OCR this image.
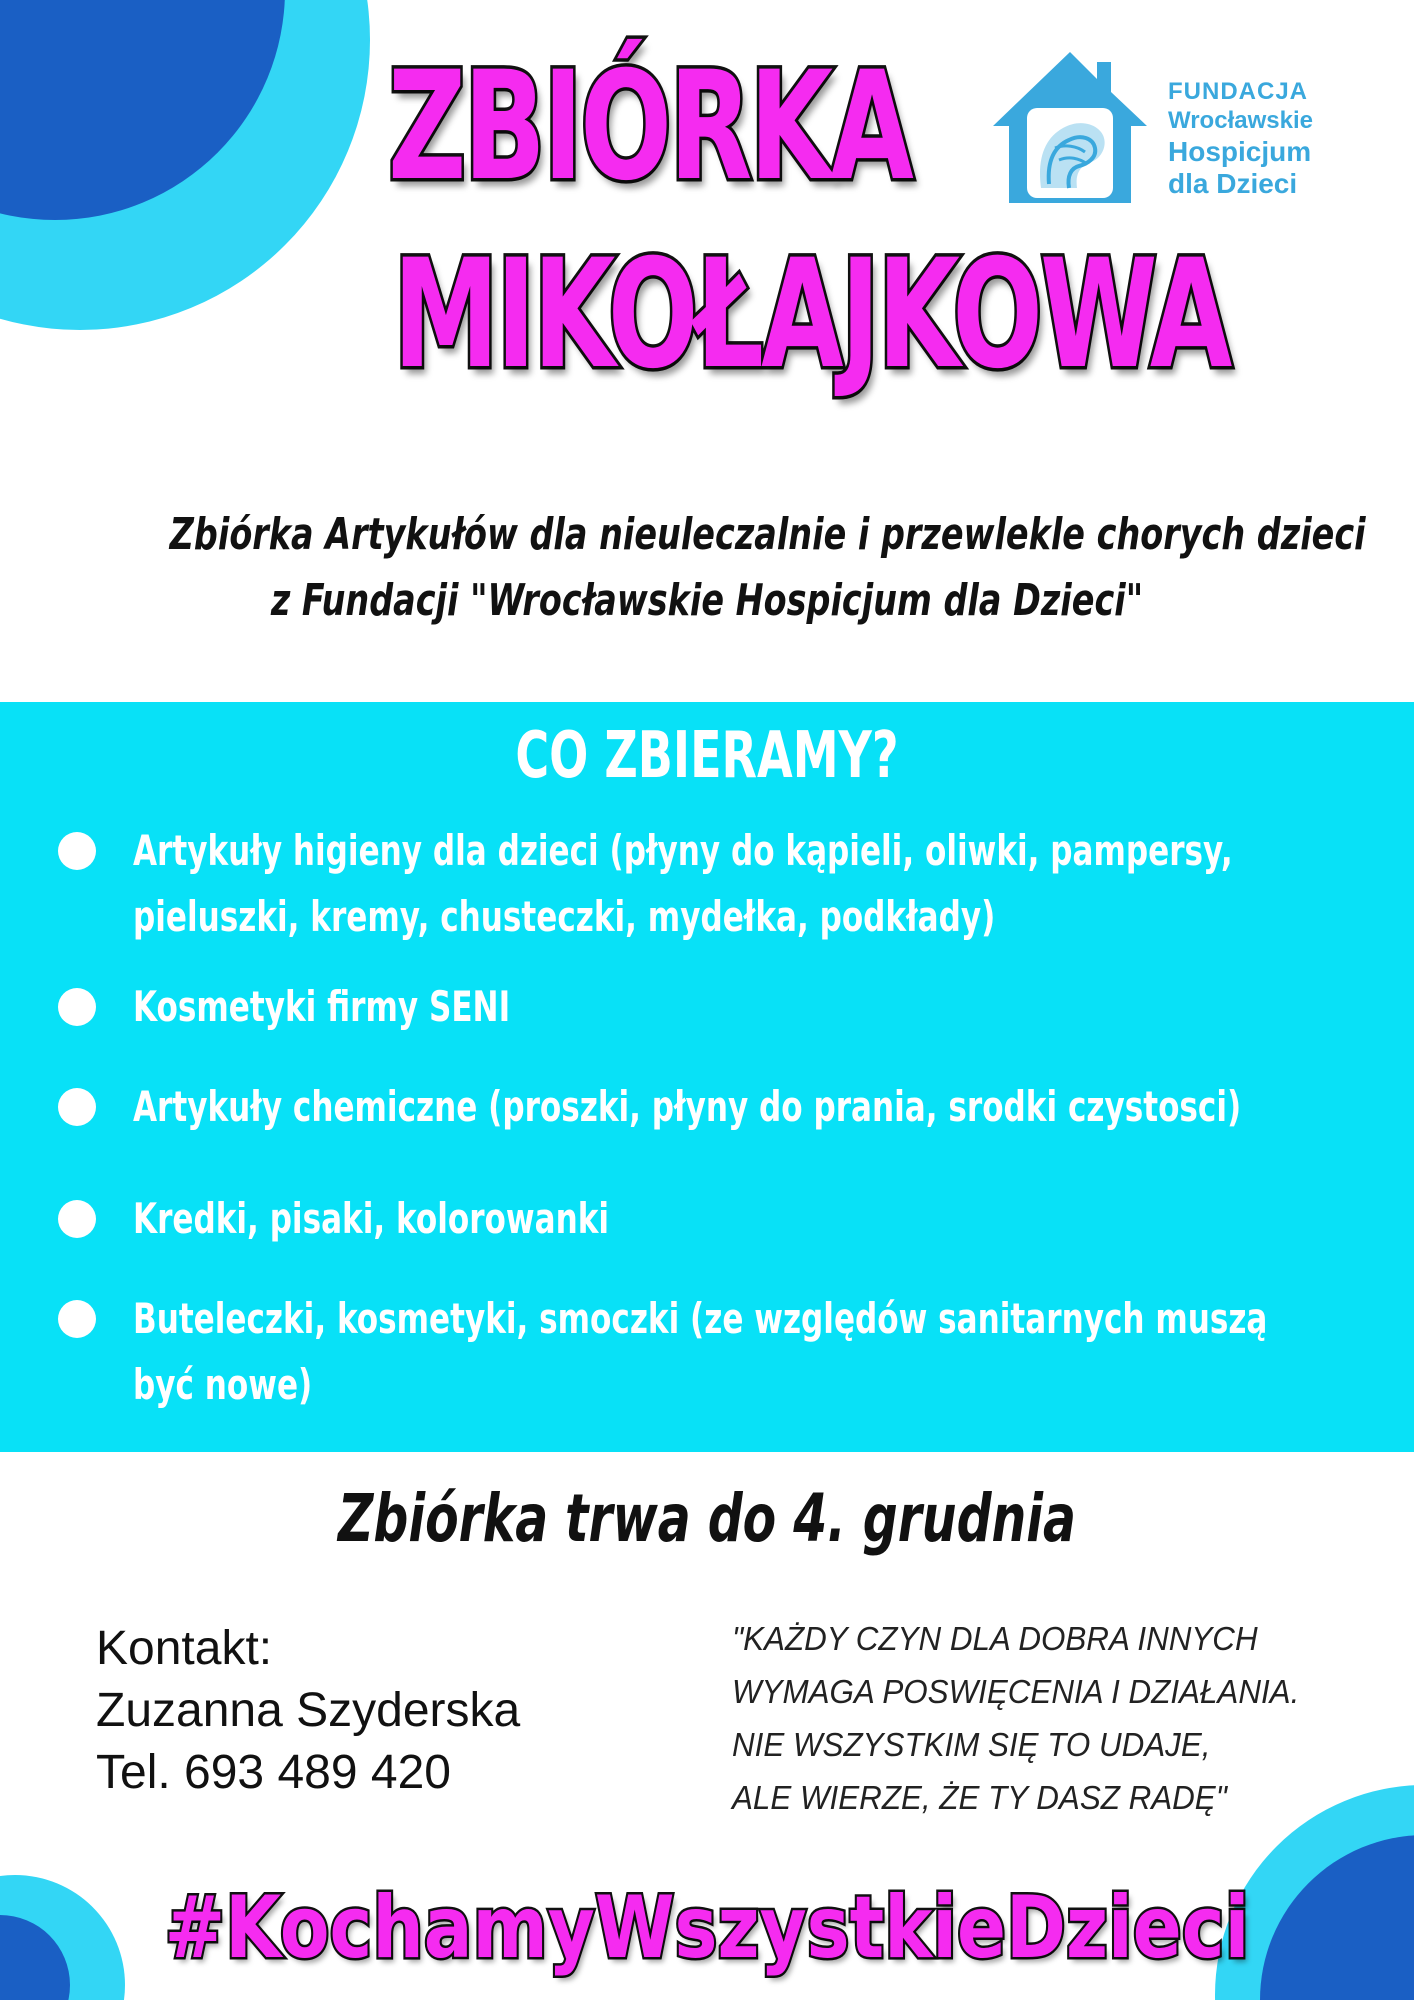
ZBIÓRKA
MIKOŁAJKOWA
FUNDACJA
Wrocławskie
Hospicjum
dla Dzieci
Zbiórka Artykułów dla nieuleczalnie i przewlekle chorych dzieci
z Fundacji "Wrocławskie Hospicjum dla Dzieci"
CO ZBIERAMY?
Artykuły higieny dla dzieci (płyny do kąpieli, oliwki, pampersy,
pieluszki, kremy, chusteczki, mydełka, podkłady)
Kosmetyki firmy SENI
Artykuły chemiczne (proszki, płyny do prania, srodki czystosci)
Kredki, pisaki, kolorowanki
Buteleczki, kosmetyki, smoczki (ze względów sanitarnych muszą
być nowe)
Zbiórka trwa do 4. grudnia
Kontakt:
Zuzanna Szyderska
Tel. 693 489 420
"KAŻDY CZYN DLA DOBRA INNYCH
WYMAGA POSWIĘCENIA I DZIAŁANIA.
NIE WSZYSTKIM SIĘ TO UDAJE,
ALE WIERZE, ŻE TY DASZ RADĘ"
#KochamyWszystkieDzieci
